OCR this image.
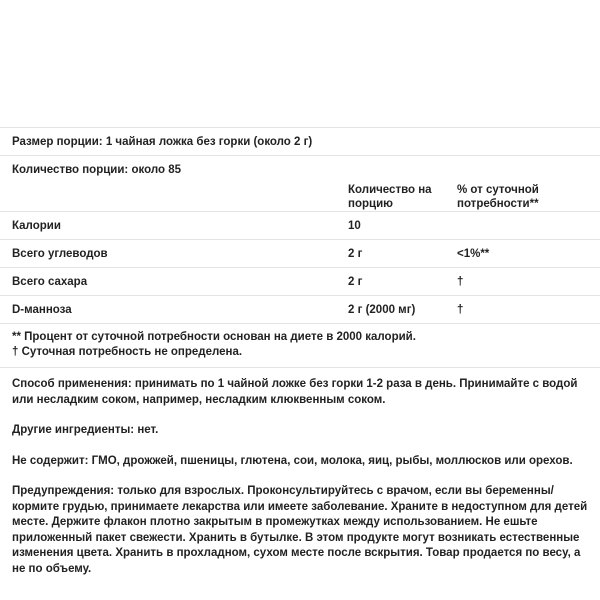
Размер порции: 1 чайная ложка без горки (около 2 г)
Количество порции: около 85
	Количество на порцию	% от суточной потребности**
Калории	10	
Всего углеводов	2 г	<1%**
Всего сахара	2 г	†
D-манноза	2 г (2000 мг)	†
** Процент от суточной потребности основан на диете в 2000 калорий.
† Суточная потребность не определена.

Способ применения: принимать по 1 чайной ложке без горки 1-2 раза в день. Принимайте с водой или несладким соком, например, несладким клюквенным соком.

Другие ингредиенты: нет.

Не содержит: ГМО, дрожжей, пшеницы, глютена, сои, молока, яиц, рыбы, моллюсков или орехов.

Предупреждения: только для взрослых. Проконсультируйтесь с врачом, если вы беременны/кормите грудью, принимаете лекарства или имеете заболевание. Храните в недоступном для детей месте. Держите флакон плотно закрытым в промежутках между использованием. Не ешьте приложенный пакет свежести. Хранить в бутылке. В этом продукте могут возникать естественные изменения цвета. Хранить в прохладном, сухом месте после вскрытия. Товар продается по весу, а не по объему.
